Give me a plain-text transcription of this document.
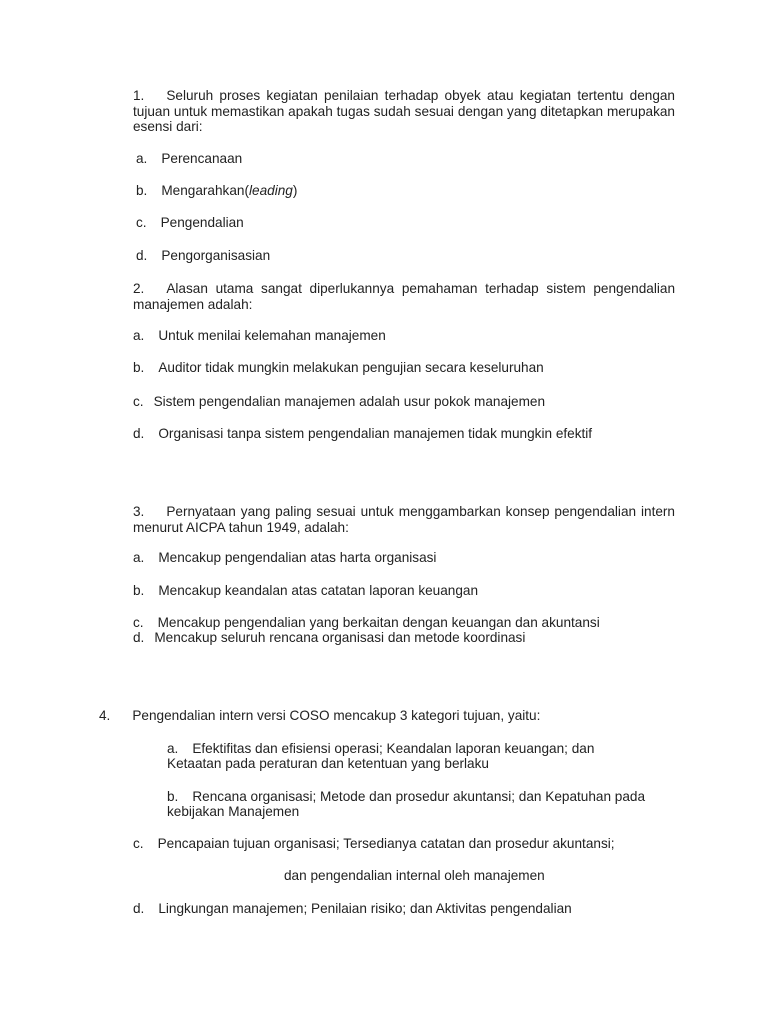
1. Seluruh proses kegiatan penilaian terhadap obyek atau kegiatan tertentu dengan tujuan untuk memastikan apakah tugas sudah sesuai dengan yang ditetapkan merupakan esensi dari:

a. Perencanaan
b. Mengarahkan(leading)
c. Pengendalian
d. Pengorganisasian

2. Alasan utama sangat diperlukannya pemahaman terhadap sistem pengendalian manajemen adalah:

a. Untuk menilai kelemahan manajemen
b. Auditor tidak mungkin melakukan pengujian secara keseluruhan
c. Sistem pengendalian manajemen adalah usur pokok manajemen
d. Organisasi tanpa sistem pengendalian manajemen tidak mungkin efektif

3. Pernyataan yang paling sesuai untuk menggambarkan konsep pengendalian intern menurut AICPA tahun 1949, adalah:

a. Mencakup pengendalian atas harta organisasi
b. Mencakup keandalan atas catatan laporan keuangan
c. Mencakup pengendalian yang berkaitan dengan keuangan dan akuntansi
d. Mencakup seluruh rencana organisasi dan metode koordinasi
4. Pengendalian intern versi COSO mencakup 3 kategori tujuan, yaitu:
a. Efektifitas dan efisiensi operasi; Keandalan laporan keuangan; dan
Ketaatan pada peraturan dan ketentuan yang berlaku
b. Rencana organisasi; Metode dan prosedur akuntansi; dan Kepatuhan pada
kebijakan Manajemen
c. Pencapaian tujuan organisasi; Tersedianya catatan dan prosedur akuntansi;
dan pengendalian internal oleh manajemen
d. Lingkungan manajemen; Penilaian risiko; dan Aktivitas pengendalian
